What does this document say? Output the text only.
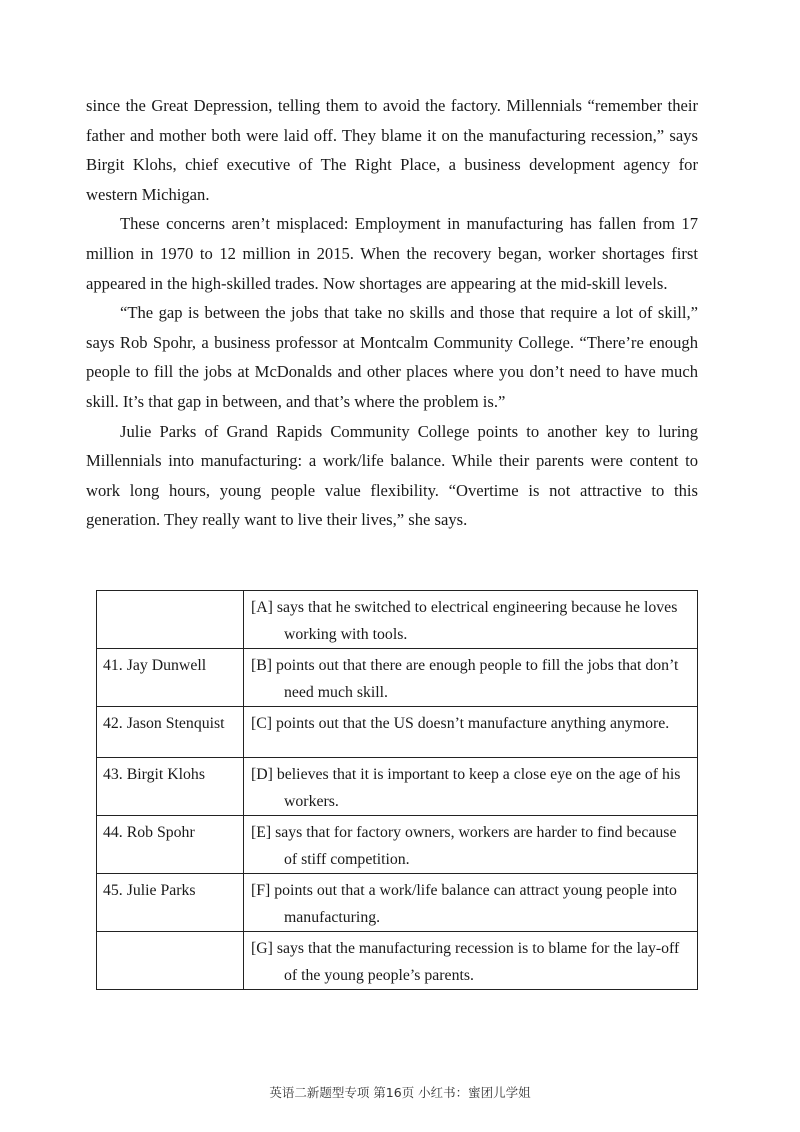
since the Great Depression, telling them to avoid the factory. Millennials “remember their father and mother both were laid off. They blame it on the manufacturing recession,” says Birgit Klohs, chief executive of The Right Place, a business development agency for western Michigan.

These concerns aren’t misplaced: Employment in manufacturing has fallen from 17 million in 1970 to 12 million in 2015. When the recovery began, worker shortages first appeared in the high-skilled trades. Now shortages are appearing at the mid-skill levels.

“The gap is between the jobs that take no skills and those that require a lot of skill,” says Rob Spohr, a business professor at Montcalm Community College. “There’re enough people to fill the jobs at McDonalds and other places where you don’t need to have much skill. It’s that gap in between, and that’s where the problem is.”

Julie Parks of Grand Rapids Community College points to another key to luring Millennials into manufacturing: a work/life balance. While their parents were content to work long hours, young people value flexibility. “Overtime is not attractive to this generation. They really want to live their lives,” she says.

	[A] says that he switched to electrical engineering because he loves working with tools.

41. Jay Dunwell	[B] points out that there are enough people to fill the jobs that don’t need much skill.

42. Jason Stenquist	[C] points out that the US doesn’t manufacture anything anymore.

43. Birgit Klohs	[D] believes that it is important to keep a close eye on the age of his workers.

44. Rob Spohr	[E] says that for factory owners, workers are harder to find because of stiff competition.

45. Julie Parks	[F] points out that a work/life balance can attract young people into manufacturing.

	[G] says that the manufacturing recession is to blame for the lay-off of the young people’s parents.
英语二新题型专项 第16页 小红书：蜜团儿学姐
